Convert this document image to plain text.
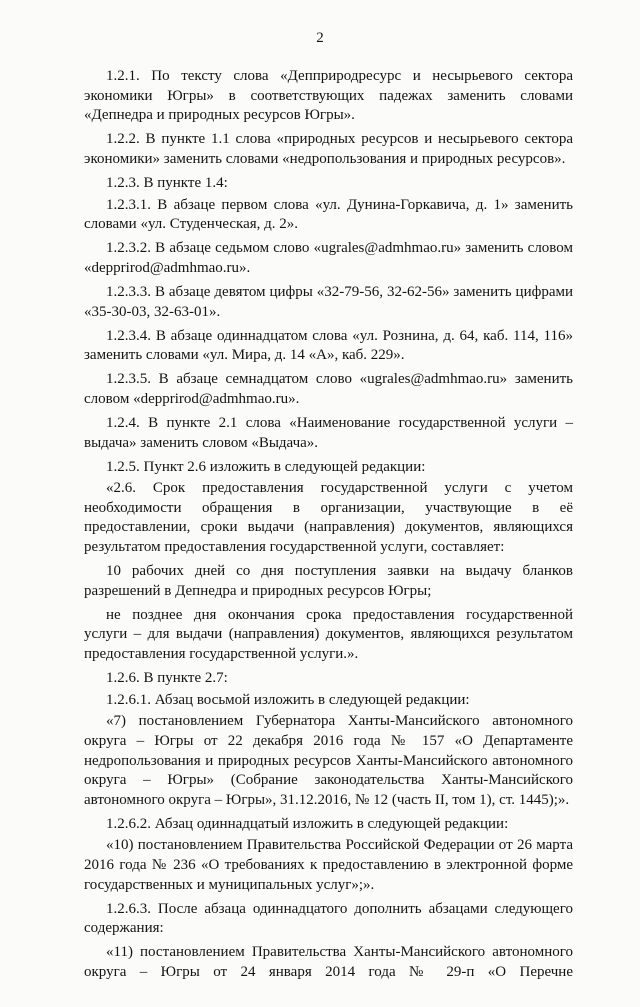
2

1.2.1. По тексту слова «Депприродресурс и несырьевого сектора экономики Югры» в соответствующих падежах заменить словами «Депнедра и природных ресурсов Югры».

1.2.2. В пункте 1.1 слова «природных ресурсов и несырьевого сектора экономики» заменить словами «недропользования и природных ресурсов».

1.2.3. В пункте 1.4:

1.2.3.1. В абзаце первом слова «ул. Дунина-Горкавича, д. 1» заменить словами «ул. Студенческая, д. 2».

1.2.3.2. В абзаце седьмом слово «ugrales@admhmao.ru» заменить словом «depprirod@admhmao.ru».

1.2.3.3. В абзаце девятом цифры «32-79-56, 32-62-56» заменить цифрами «35-30-03, 32-63-01».

1.2.3.4. В абзаце одиннадцатом слова «ул. Рознина, д. 64, каб. 114, 116» заменить словами «ул. Мира, д. 14 «А», каб. 229».

1.2.3.5. В абзаце семнадцатом слово «ugrales@admhmao.ru» заменить словом «depprirod@admhmao.ru».

1.2.4. В пункте 2.1 слова «Наименование государственной услуги – выдача» заменить словом «Выдача».

1.2.5. Пункт 2.6 изложить в следующей редакции:

«2.6. Срок предоставления государственной услуги с учетом необходимости обращения в организации, участвующие в её предоставлении, сроки выдачи (направления) документов, являющихся результатом предоставления государственной услуги, составляет:

10 рабочих дней со дня поступления заявки на выдачу бланков разрешений в Депнедра и природных ресурсов Югры;

не позднее дня окончания срока предоставления государственной услуги – для выдачи (направления) документов, являющихся результатом предоставления государственной услуги.».

1.2.6. В пункте 2.7:

1.2.6.1. Абзац восьмой изложить в следующей редакции:

«7) постановлением Губернатора Ханты-Мансийского автономного округа – Югры от 22 декабря 2016 года № 157 «О Департаменте недропользования и природных ресурсов Ханты-Мансийского автономного округа – Югры» (Собрание законодательства Ханты-Мансийского автономного округа – Югры», 31.12.2016, № 12 (часть II, том 1), ст. 1445);».

1.2.6.2. Абзац одиннадцатый изложить в следующей редакции:

«10) постановлением Правительства Российской Федерации от 26 марта 2016 года № 236 «О требованиях к предоставлению в электронной форме государственных и муниципальных услуг»;».

1.2.6.3. После абзаца одиннадцатого дополнить абзацами следующего содержания:

«11) постановлением Правительства Ханты-Мансийского автономного округа – Югры от 24 января 2014 года № 29-п «О Перечне
